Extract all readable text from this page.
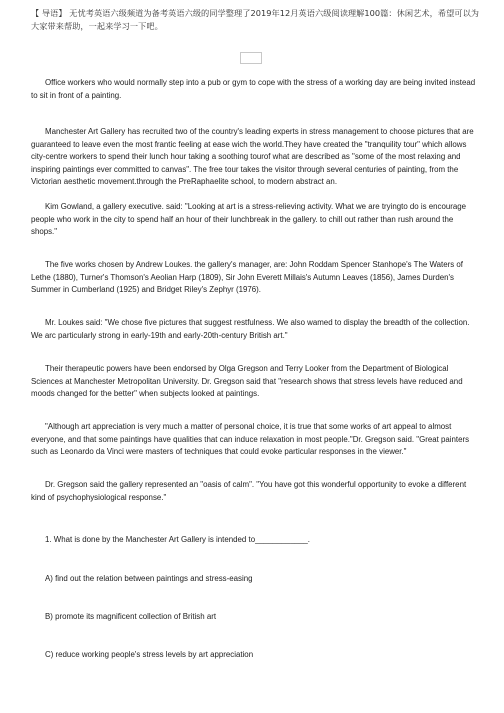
【 导语】 无忧考英语六级频道为备考英语六级的同学整理了2019年12月英语六级阅读理解100篇：休闲艺术，希望可以为大家带来帮助，一起来学习一下吧。
Office workers who would normally step into a pub or gym to cope with the stress of a working day are being invited instead to sit in front of a painting.
Manchester Art Gallery has recruited two of the country's leading experts in stress management to choose pictures that are guaranteed to leave even the most frantic feeling at ease wich the world.They have created the "tranquility tour" which allows city-centre workers to spend their lunch hour taking a soothing tourof what are described as "some of the most relaxing and inspiring paintings ever committed to canvas". The free tour takes the visitor through several centuries of painting, from the Victorian aesthetic movement.through the PreRaphaelite school, to modern abstract an.
Kim Gowland, a gallery executive. said: "Looking at art is a stress-relieving activity. What we are tryingto do is encourage people who work in the city to spend half an hour of their lunchbreak in the gallery. to chill out rather than rush around the shops."
The five works chosen by Andrew Loukes. the gallery's manager, are: John Roddam Spencer Stanhope's The Waters of Lethe (1880), Turner's Thomson's Aeolian Harp (1809), Sir John Everett Millais's Autumn Leaves (1856), James Durden's Summer in Cumberland (1925) and Bridget Riley's Zephyr (1976).
Mr. Loukes said: "We chose five pictures that suggest restfulness. We also wamed to display the breadth of the collection. We arc particularly strong in early-19th and early-20th-century British art."
Their therapeutic powers have been endorsed by Olga Gregson and Terry Looker from the Department of Biological Sciences at Manchester Metropolitan University. Dr. Gregson said that "research shows that stress levels have reduced and moods changed for the better" when subjects looked at paintings.
"Although art appreciation is very much a matter of personal choice, it is true that some works of art appeal to almost everyone, and that some paintings have qualities that can induce relaxation in most people."Dr. Gregson said. "Great painters such as Leonardo da Vinci were masters of techniques that could evoke particular responses in the viewer."
Dr. Gregson said the gallery represented an "oasis of calm". "You have got this wonderful opportunity to evoke a different kind of psychophysiological response."
1. What is done by the Manchester Art Gallery is intended to____________.
A) find out the relation between paintings and stress-easing
B) promote its magnificent collection of British art
C) reduce working people's stress levels by art appreciation
